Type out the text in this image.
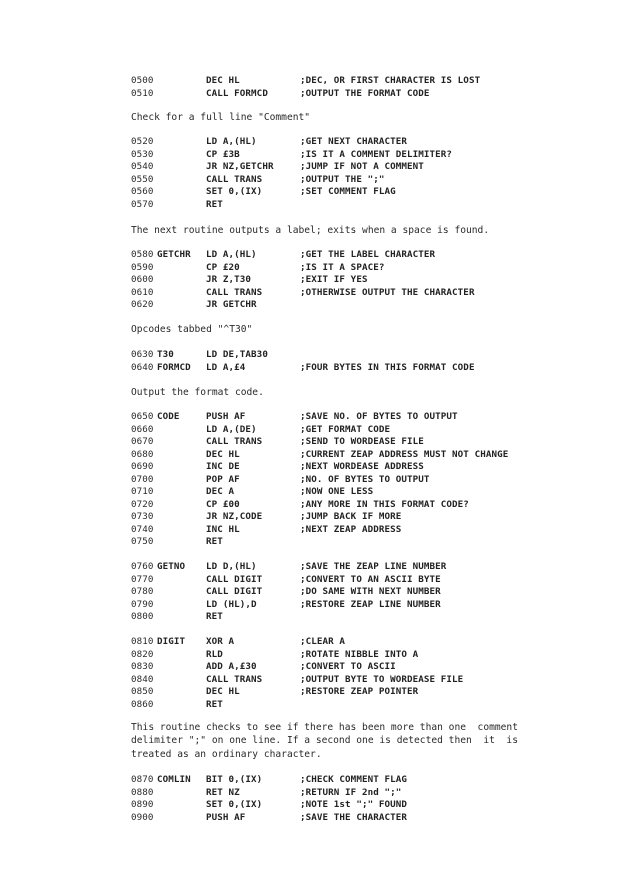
0500	DEC HL	;DEC, OR FIRST CHARACTER IS LOST
0510	CALL FORMCD	;OUTPUT THE FORMAT CODE
Check for a full line "Comment"
0520	LD A,(HL)	;GET NEXT CHARACTER
0530	CP £3B	;IS IT A COMMENT DELIMITER?
0540	JR NZ,GETCHR	;JUMP IF NOT A COMMENT
0550	CALL TRANS	;OUTPUT THE ";"
0560	SET 0,(IX)	;SET COMMENT FLAG
0570	RET
The next routine outputs a label; exits when a space is found.
0580 GETCHR LD A,(HL)	;GET THE LABEL CHARACTER
0590	CP £20	;IS IT A SPACE?
0600	JR Z,T30	;EXIT IF YES
0610	CALL TRANS	;OTHERWISE OUTPUT THE CHARACTER
0620	JR GETCHR
Opcodes tabbed "^T30"
0630 T30	LD DE,TAB30
0640 FORMCD LD A,£4	;FOUR BYTES IN THIS FORMAT CODE
Output the format code.
0650 CODE	PUSH AF	;SAVE NO. OF BYTES TO OUTPUT
0660	LD A,(DE)	;GET FORMAT CODE
0670	CALL TRANS	;SEND TO WORDEASE FILE
0680	DEC HL	;CURRENT ZEAP ADDRESS MUST NOT CHANGE
0690	INC DE	;NEXT WORDEASE ADDRESS
0700	POP AF	;NO. OF BYTES TO OUTPUT
0710	DEC A	;NOW ONE LESS
0720	CP £00	;ANY MORE IN THIS FORMAT CODE?
0730	JR NZ,CODE	;JUMP BACK IF MORE
0740	INC HL	;NEXT ZEAP ADDRESS
0750	RET
0760 GETNO LD D,(HL)	;SAVE THE ZEAP LINE NUMBER
0770	CALL DIGIT	;CONVERT TO AN ASCII BYTE
0780	CALL DIGIT	;DO SAME WITH NEXT NUMBER
0790	LD (HL),D	;RESTORE ZEAP LINE NUMBER
0800	RET
0810 DIGIT XOR A	;CLEAR A
0820	RLD	;ROTATE NIBBLE INTO A
0830	ADD A,£30	;CONVERT TO ASCII
0840	CALL TRANS	;OUTPUT BYTE TO WORDEASE FILE
0850	DEC HL	;RESTORE ZEAP POINTER
0860	RET
This routine checks to see if there has been more than one  comment
delimiter ";" on one line. If a second one is detected then  it  is
treated as an ordinary character.
0870 COMLIN BIT 0,(IX)	;CHECK COMMENT FLAG
0880	RET NZ	;RETURN IF 2nd ";"
0890	SET 0,(IX)	;NOTE 1st ";" FOUND
0900	PUSH AF	;SAVE THE CHARACTER
